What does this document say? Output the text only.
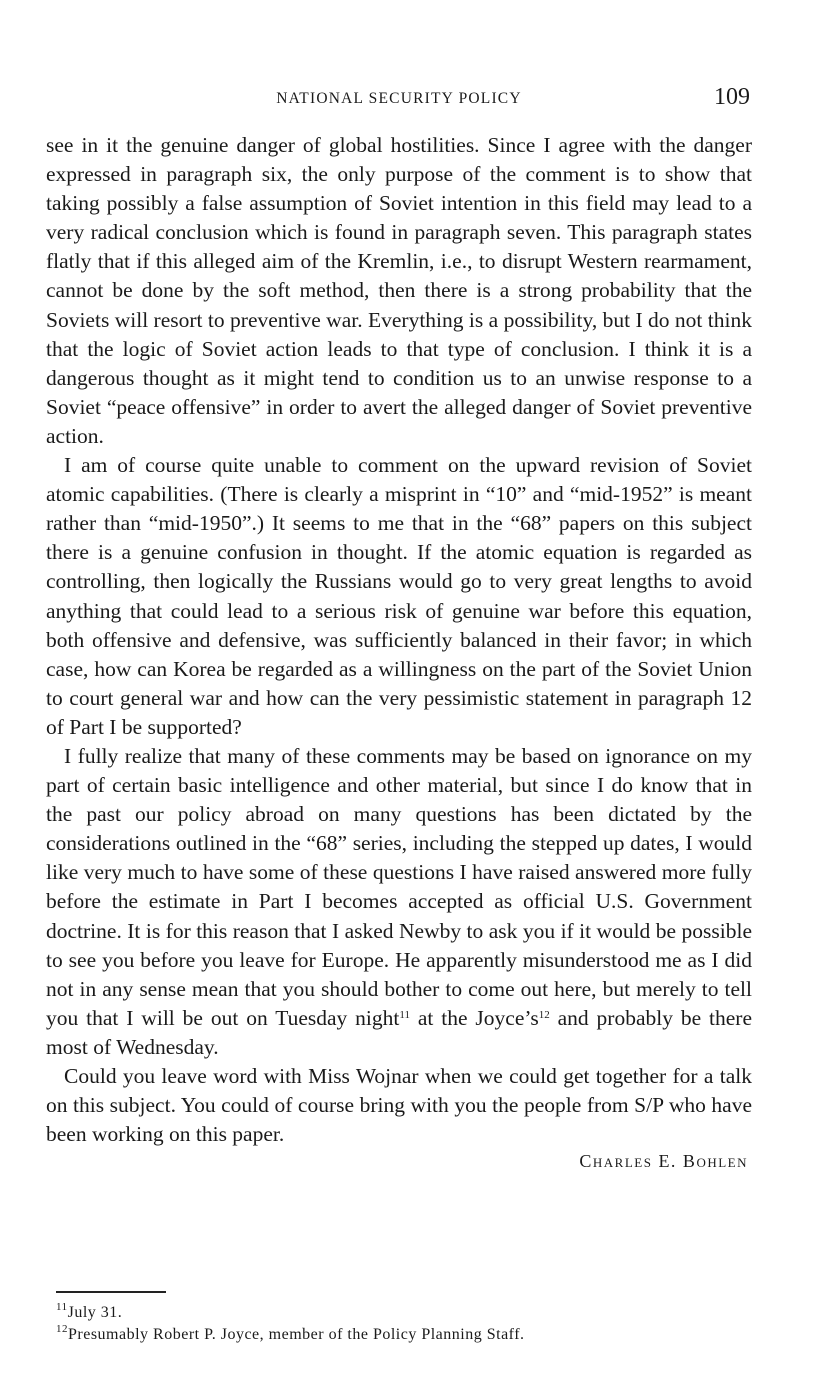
NATIONAL SECURITY POLICY	109

see in it the genuine danger of global hostilities. Since I agree with the danger expressed in paragraph six, the only purpose of the comment is to show that taking possibly a false assumption of Soviet intention in this field may lead to a very radical conclusion which is found in paragraph seven. This paragraph states flatly that if this alleged aim of the Kremlin, i.e., to disrupt Western rearmament, cannot be done by the soft method, then there is a strong probability that the Soviets will resort to preventive war. Everything is a possibility, but I do not think that the logic of Soviet action leads to that type of conclusion. I think it is a dangerous thought as it might tend to condition us to an unwise response to a Soviet “peace offensive” in order to avert the alleged danger of Soviet preventive action.

I am of course quite unable to comment on the upward revision of Soviet atomic capabilities. (There is clearly a misprint in “10” and “mid-1952” is meant rather than “mid-1950”.) It seems to me that in the “68” papers on this subject there is a genuine confusion in thought. If the atomic equation is regarded as controlling, then logically the Russians would go to very great lengths to avoid anything that could lead to a serious risk of genuine war before this equation, both offensive and defensive, was sufficiently balanced in their favor; in which case, how can Korea be regarded as a willingness on the part of the Soviet Union to court general war and how can the very pessimistic statement in paragraph 12 of Part I be supported?

I fully realize that many of these comments may be based on ignorance on my part of certain basic intelligence and other material, but since I do know that in the past our policy abroad on many questions has been dictated by the considerations outlined in the “68” series, including the stepped up dates, I would like very much to have some of these questions I have raised answered more fully before the estimate in Part I becomes accepted as official U.S. Government doctrine. It is for this reason that I asked Newby to ask you if it would be possible to see you before you leave for Europe. He apparently misunderstood me as I did not in any sense mean that you should bother to come out here, but merely to tell you that I will be out on Tuesday night$^{11}$ at the $Joyce’s^{12}$ and probably be there most of Wednesday.

Could you leave word with Miss Wojnar when we could get together for a talk on this subject. You could of course bring with you the people from S/P who have been working on this paper.

Charles E. Bohlen

$^{11}$July 31.

$^{12}$Presumably Robert P. Joyce, member of the Policy Planning Staff.
